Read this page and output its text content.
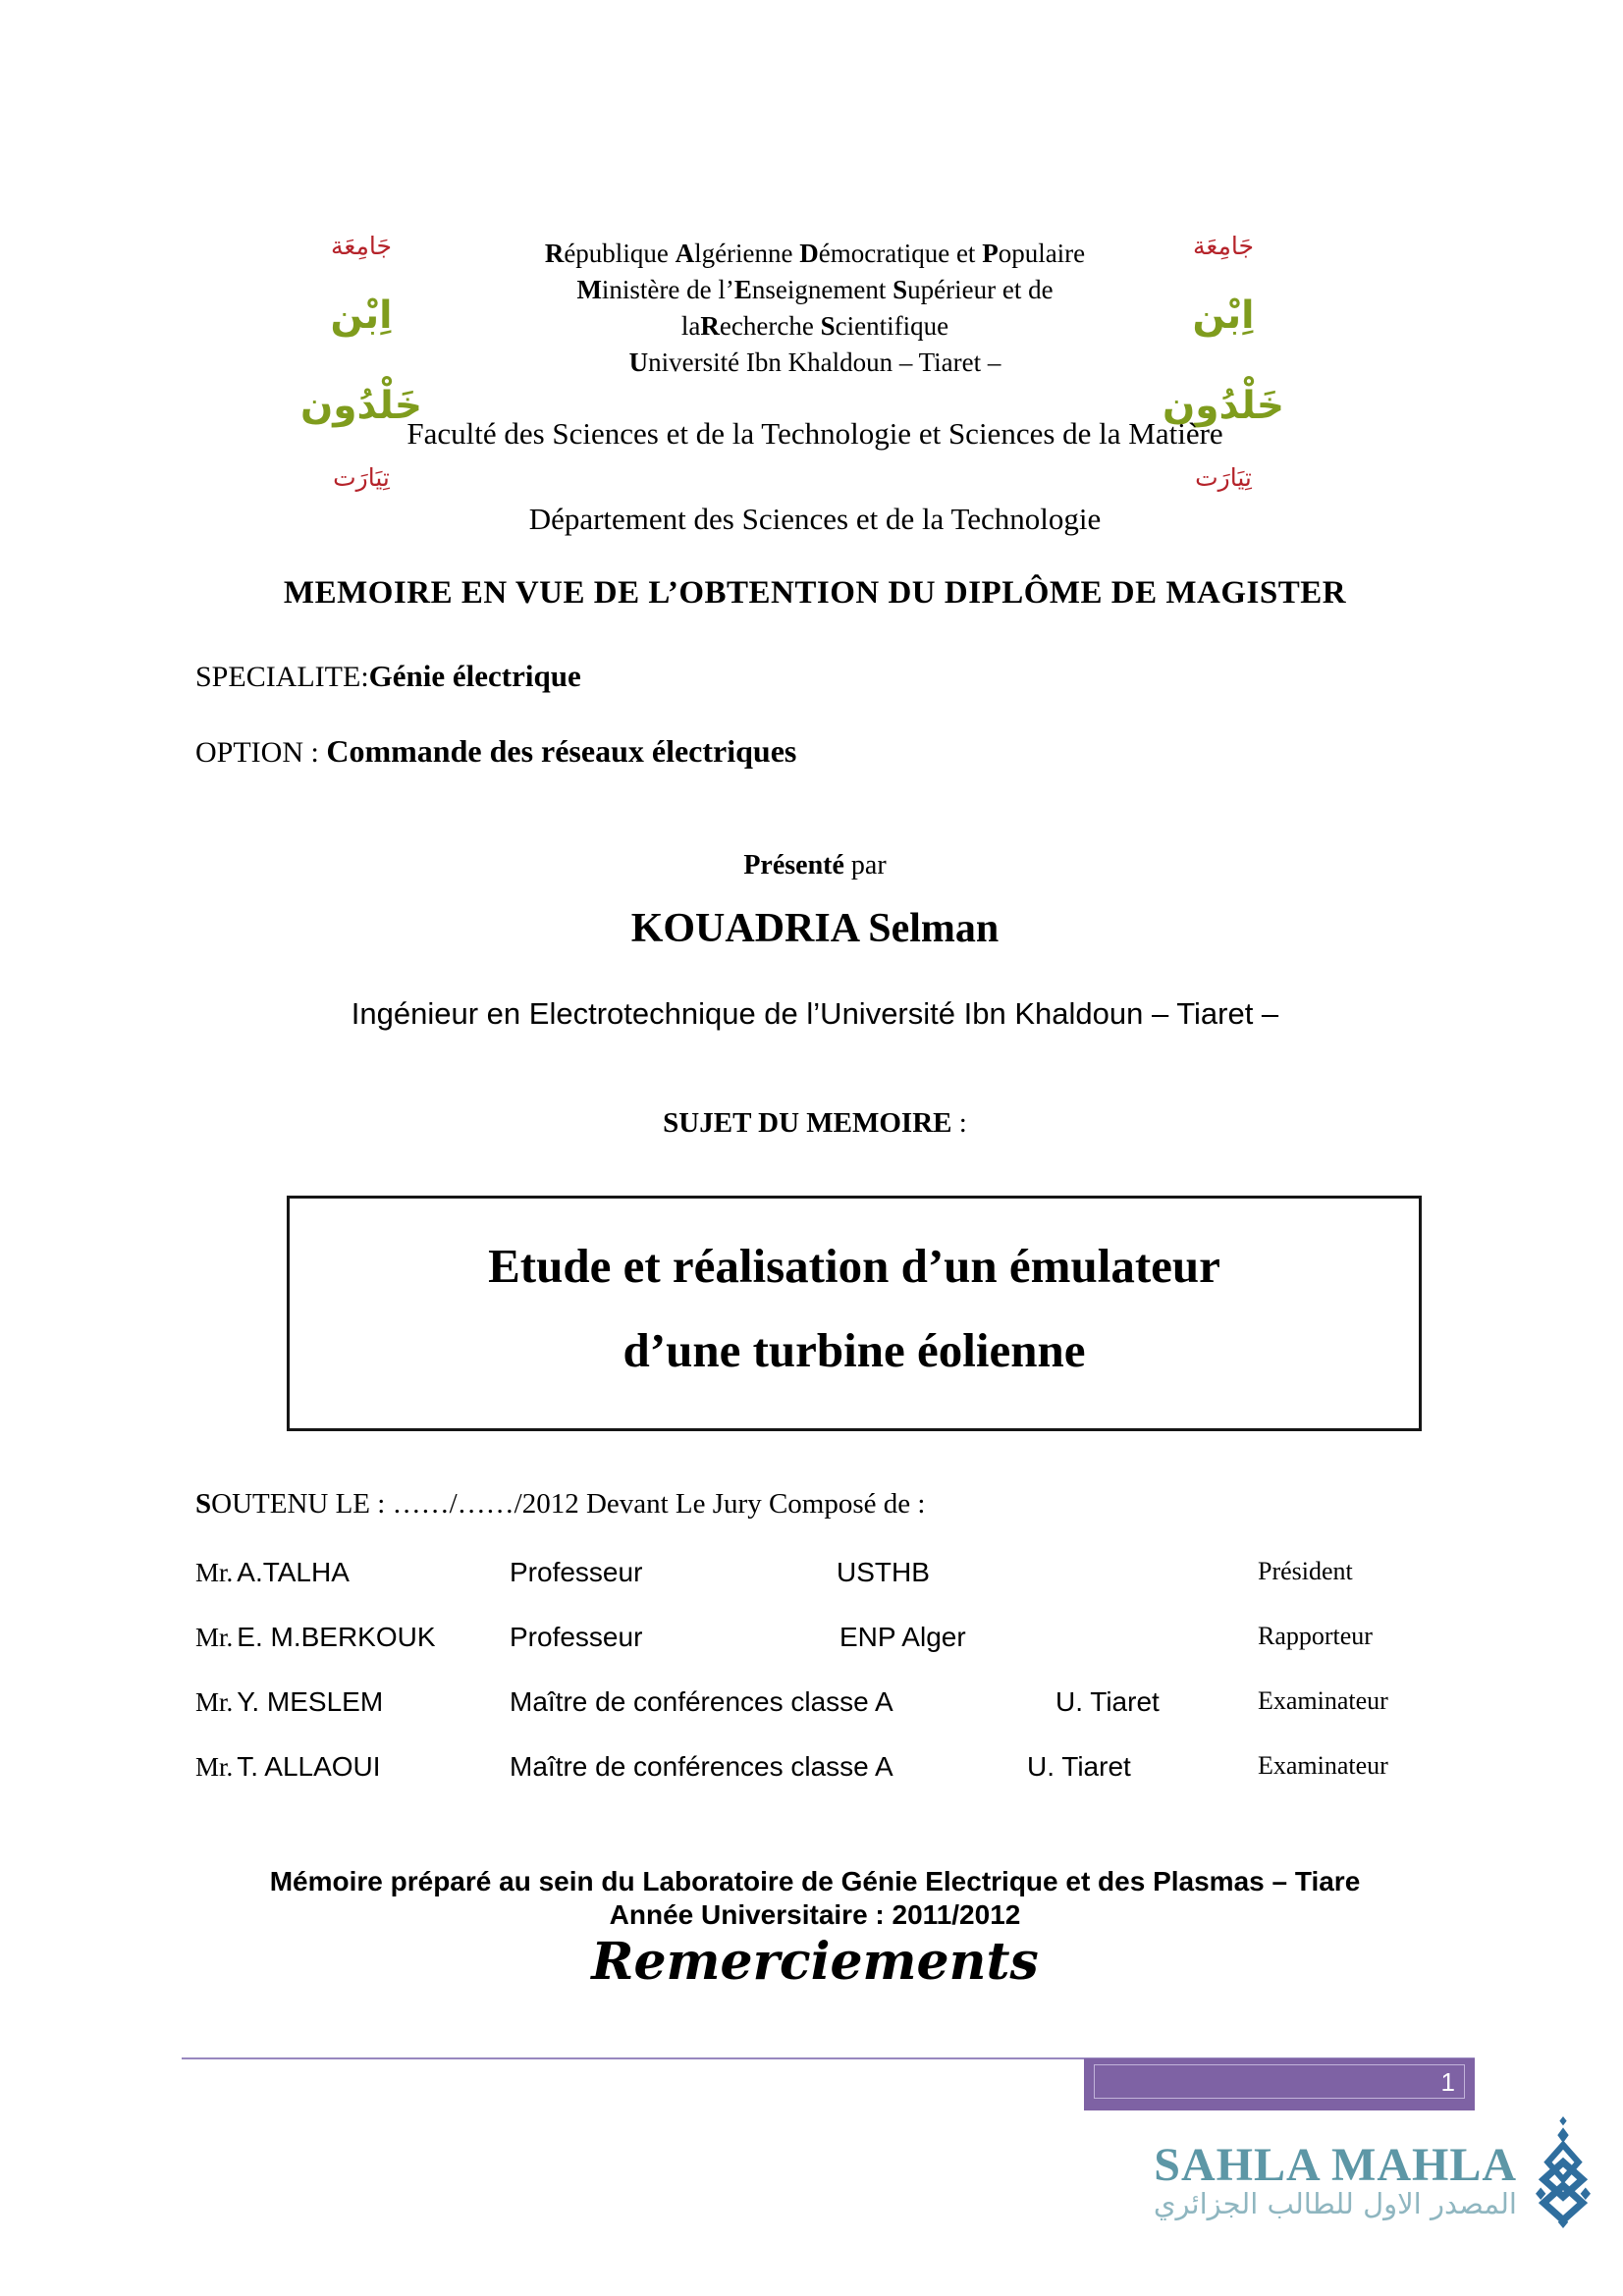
جَامِعَة
اِبْن خَلْدُون
تِيَارَت
جَامِعَة
اِبْن خَلْدُون
تِيَارَت
République Algérienne Démocratique et Populaire
Ministère de l’Enseignement Supérieur et de
laRecherche Scientifique
Université Ibn Khaldoun – Tiaret –
Faculté des Sciences et de la Technologie et Sciences de la Matière
Département des Sciences et de la Technologie
MEMOIRE EN VUE DE L’OBTENTION DU DIPLÔME DE MAGISTER
SPECIALITE:Génie électrique
OPTION : Commande des réseaux électriques
Présenté par
KOUADRIA Selman
Ingénieur en Electrotechnique de l’Université Ibn Khaldoun – Tiaret –
SUJET DU MEMOIRE :
Etude et réalisation d’un émulateur
d’une turbine éolienne
SOUTENU LE : ……/……/2012 Devant Le Jury Composé de :
Mr. A.TALHA	Professeur	USTHB	Président
Mr. E. M.BERKOUK	Professeur	ENP Alger	Rapporteur
Mr. Y. MESLEM	Maître de conférences classe A	U. Tiaret	Examinateur
Mr. T. ALLAOUI	Maître de conférences classe A	U. Tiaret	Examinateur
Mémoire préparé au sein du Laboratoire de Génie Electrique et des Plasmas – Tiare
Année Universitaire : 2011/2012
Remerciements
1
SAHLA MAHLA
المصدر الاول للطالب الجزائري
